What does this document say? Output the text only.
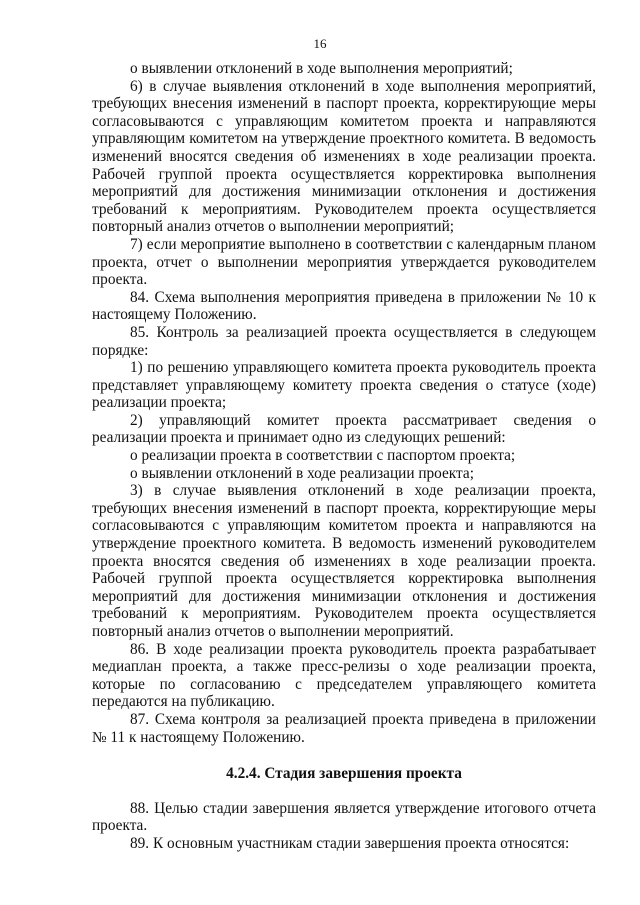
16

о выявлении отклонений в ходе выполнения мероприятий;

6) в случае выявления отклонений в ходе выполнения мероприятий, требующих внесения изменений в паспорт проекта, корректирующие меры согласовываются с управляющим комитетом проекта и направляются управляющим комитетом на утверждение проектного комитета. В ведомость изменений вносятся сведения об изменениях в ходе реализации проекта. Рабочей группой проекта осуществляется корректировка выполнения мероприятий для достижения минимизации отклонения и достижения требований к мероприятиям. Руководителем проекта осуществляется повторный анализ отчетов о выполнении мероприятий;

7) если мероприятие выполнено в соответствии с календарным планом проекта, отчет о выполнении мероприятия утверждается руководителем проекта.

84. Схема выполнения мероприятия приведена в приложении № 10 к настоящему Положению.

85. Контроль за реализацией проекта осуществляется в следующем порядке:

1) по решению управляющего комитета проекта руководитель проекта представляет управляющему комитету проекта сведения о статусе (ходе) реализации проекта;

2) управляющий комитет проекта рассматривает сведения о реализации проекта и принимает одно из следующих решений:

о реализации проекта в соответствии с паспортом проекта;

о выявлении отклонений в ходе реализации проекта;

3) в случае выявления отклонений в ходе реализации проекта, требующих внесения изменений в паспорт проекта, корректирующие меры согласовываются с управляющим комитетом проекта и направляются на утверждение проектного комитета. В ведомость изменений руководителем проекта вносятся сведения об изменениях в ходе реализации проекта. Рабочей группой проекта осуществляется корректировка выполнения мероприятий для достижения минимизации отклонения и достижения требований к мероприятиям. Руководителем проекта осуществляется повторный анализ отчетов о выполнении мероприятий.

86. В ходе реализации проекта руководитель проекта разрабатывает медиаплан проекта, а также пресс-релизы о ходе реализации проекта, которые по согласованию с председателем управляющего комитета передаются на публикацию.

87. Схема контроля за реализацией проекта приведена в приложении № 11 к настоящему Положению.

4.2.4. Стадия завершения проекта

88. Целью стадии завершения является утверждение итогового отчета проекта.

89. К основным участникам стадии завершения проекта относятся:
